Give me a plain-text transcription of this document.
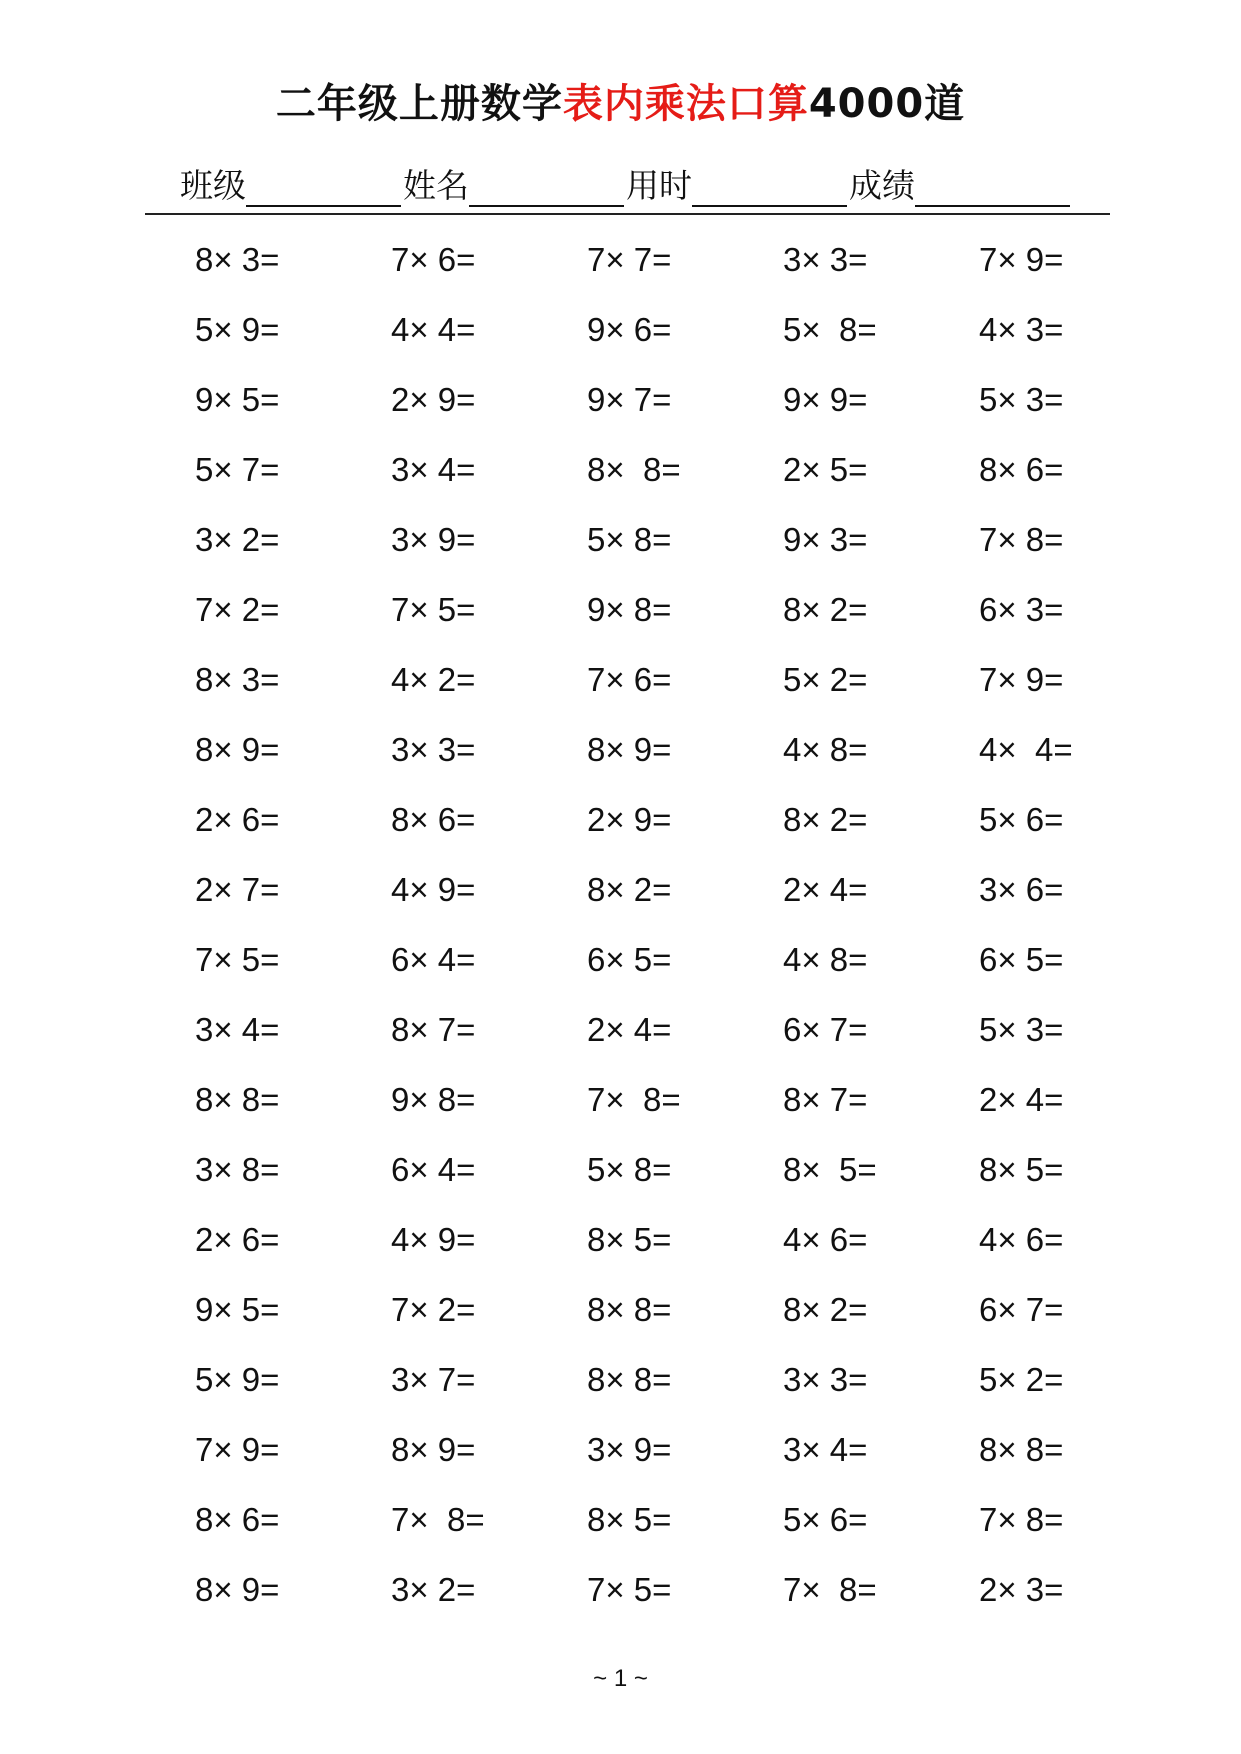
二年级上册数学表内乘法口算4000道
班级	姓名	用时	成绩
8× 3=	7× 6=	7× 7=	3× 3=	7× 9=
5× 9=	4× 4=	9× 6=	5×  8=	4× 3=
9× 5=	2× 9=	9× 7=	9× 9=	5× 3=
5× 7=	3× 4=	8×  8=	2× 5=	8× 6=
3× 2=	3× 9=	5× 8=	9× 3=	7× 8=
7× 2=	7× 5=	9× 8=	8× 2=	6× 3=
8× 3=	4× 2=	7× 6=	5× 2=	7× 9=
8× 9=	3× 3=	8× 9=	4× 8=	4×  4=
2× 6=	8× 6=	2× 9=	8× 2=	5× 6=
2× 7=	4× 9=	8× 2=	2× 4=	3× 6=
7× 5=	6× 4=	6× 5=	4× 8=	6× 5=
3× 4=	8× 7=	2× 4=	6× 7=	5× 3=
8× 8=	9× 8=	7×  8=	8× 7=	2× 4=
3× 8=	6× 4=	5× 8=	8×  5=	8× 5=
2× 6=	4× 9=	8× 5=	4× 6=	4× 6=
9× 5=	7× 2=	8× 8=	8× 2=	6× 7=
5× 9=	3× 7=	8× 8=	3× 3=	5× 2=
7× 9=	8× 9=	3× 9=	3× 4=	8× 8=
8× 6=	7×  8=	8× 5=	5× 6=	7× 8=
8× 9=	3× 2=	7× 5=	7×  8=	2× 3=
~ 1 ~
